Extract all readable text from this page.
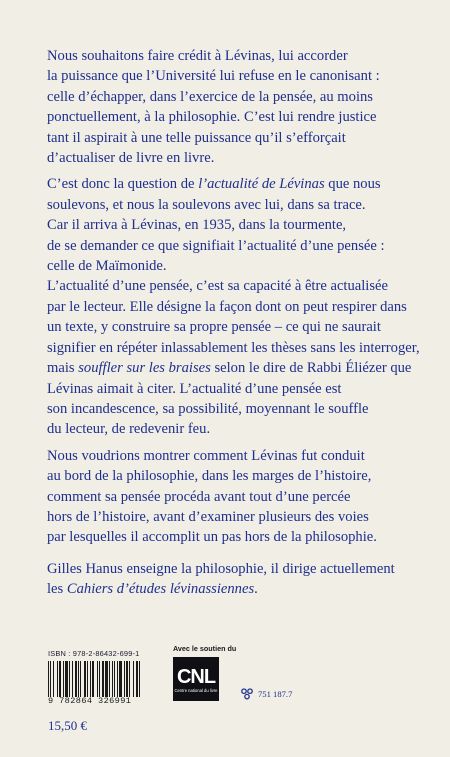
Nous souhaitons faire crédit à Lévinas, lui accorder
la puissance que l’Université lui refuse en le canonisant :
celle d’échapper, dans l’exercice de la pensée, au moins
ponctuellement, à la philosophie. C’est lui rendre justice
tant il aspirait à une telle puissance qu’il s’efforçait
d’actualiser de livre en livre.

C’est donc la question de l’actualité de Lévinas que nous
soulevons, et nous la soulevons avec lui, dans sa trace.
Car il arriva à Lévinas, en 1935, dans la tourmente,
de se demander ce que signifiait l’actualité d’une pensée :
celle de Maïmonide.
L’actualité d’une pensée, c’est sa capacité à être actualisée
par le lecteur. Elle désigne la façon dont on peut respirer dans
un texte, y construire sa propre pensée – ce qui ne saurait
signifier en répéter inlassablement les thèses sans les interroger,
mais souffler sur les braises selon le dire de Rabbi Éliézer que
Lévinas aimait à citer. L’actualité d’une pensée est
son incandescence, sa possibilité, moyennant le souffle
du lecteur, de redevenir feu.

Nous voudrions montrer comment Lévinas fut conduit
au bord de la philosophie, dans les marges de l’histoire,
comment sa pensée procéda avant tout d’une percée
hors de l’histoire, avant d’examiner plusieurs des voies
par lesquelles il accomplit un pas hors de la philosophie.

Gilles Hanus enseigne la philosophie, il dirige actuellement
les Cahiers d’études lévinassiennes.

ISBN : 978-2-86432-699-1
9 782864 326991
15,50 €
Avec le soutien du
CNL
Centre national du livre	751 187.7
